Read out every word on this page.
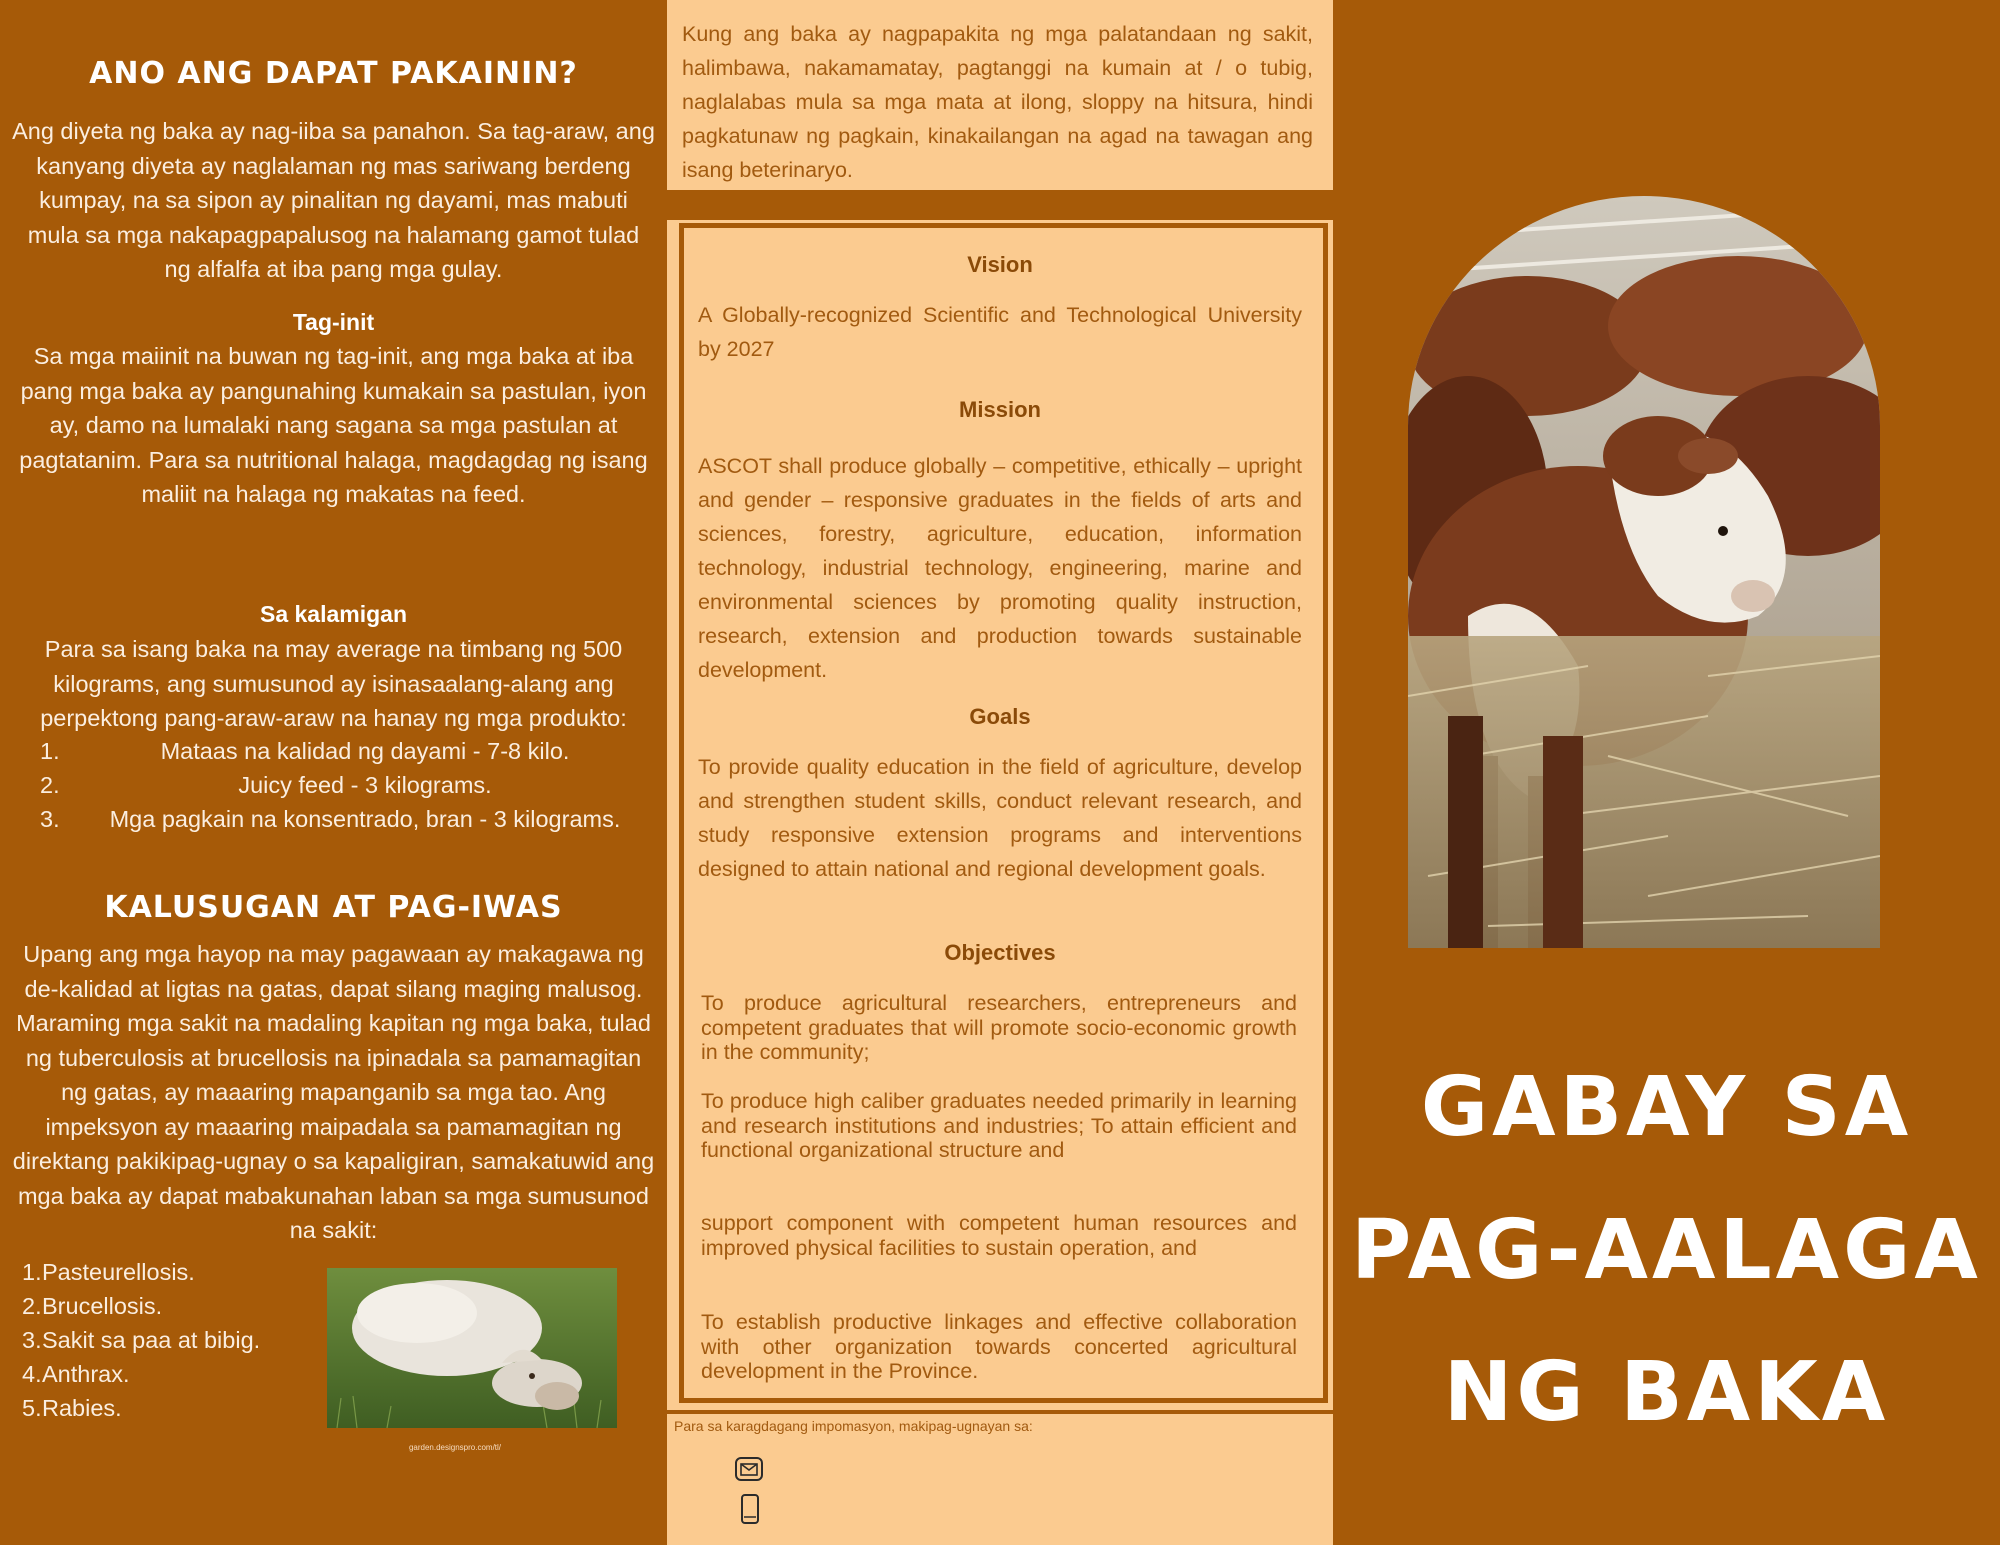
ANO ANG DAPAT PAKAININ?
Ang diyeta ng baka ay nag-iiba sa panahon. Sa tag-araw, ang kanyang diyeta ay naglalaman ng mas sariwang berdeng kumpay, na sa sipon ay pinalitan ng dayami, mas mabuti mula sa mga nakapagpapalusog na halamang gamot tulad ng alfalfa at iba pang mga gulay.
Tag-init
Sa mga maiinit na buwan ng tag-init, ang mga baka at iba pang mga baka ay pangunahing kumakain sa pastulan, iyon ay, damo na lumalaki nang sagana sa mga pastulan at pagtatanim. Para sa nutritional halaga, magdagdag ng isang maliit na halaga ng makatas na feed.
Sa kalamigan
Para sa isang baka na may average na timbang ng 500 kilograms, ang sumusunod ay isinasaalang-alang ang perpektong pang-araw-araw na hanay ng mga produkto:
1.	Mataas na kalidad ng dayami - 7-8 kilo.
2.	Juicy feed - 3 kilograms.
3.	Mga pagkain na konsentrado, bran - 3 kilograms.
KALUSUGAN AT PAG-IWAS
Upang ang mga hayop na may pagawaan ay makagawa ng de-kalidad at ligtas na gatas, dapat silang maging malusog. Maraming mga sakit na madaling kapitan ng mga baka, tulad ng tuberculosis at brucellosis na ipinadala sa pamamagitan ng gatas, ay maaaring mapanganib sa mga tao. Ang impeksyon ay maaaring maipadala sa pamamagitan ng direktang pakikipag-ugnay o sa kapaligiran, samakatuwid ang mga baka ay dapat mabakunahan laban sa mga sumusunod na sakit:
1. Pasteurellosis.
2. Brucellosis.
3. Sakit sa paa at bibig.
4. Anthrax.
5. Rabies.
garden.designspro.com/tl/
Kung ang baka ay nagpapakita ng mga palatandaan ng sakit, halimbawa, nakamamatay, pagtanggi na kumain at / o tubig, naglalabas mula sa mga mata at ilong, sloppy na hitsura, hindi pagkatunaw ng pagkain, kinakailangan na agad na tawagan ang isang beterinaryo.
Vision
A Globally-recognized Scientific and Technological University by 2027
Mission
ASCOT shall produce globally – competitive, ethically – upright and gender – responsive graduates in the fields of arts and sciences, forestry, agriculture, education, information technology, industrial technology, engineering, marine and environmental sciences by promoting quality instruction, research, extension and production towards sustainable development.
Goals
To provide quality education in the field of agriculture, develop and strengthen student skills, conduct relevant research, and study responsive extension programs and interventions designed to attain national and regional development goals.
Objectives
Para sa karagdagang impomasyon, makipag-ugnayan sa:
To produce agricultural researchers, entrepreneurs and competent graduates that will promote socio-economic growth in the community;
To produce high caliber graduates needed primarily in learning and research institutions and industries; To attain efficient and functional organizational structure and
support component with competent human resources and improved physical facilities to sustain operation, and
To establish productive linkages and effective collaboration with other organization towards concerted agricultural development in the Province.
GABAY SA
PAG-AALAGA
NG BAKA
